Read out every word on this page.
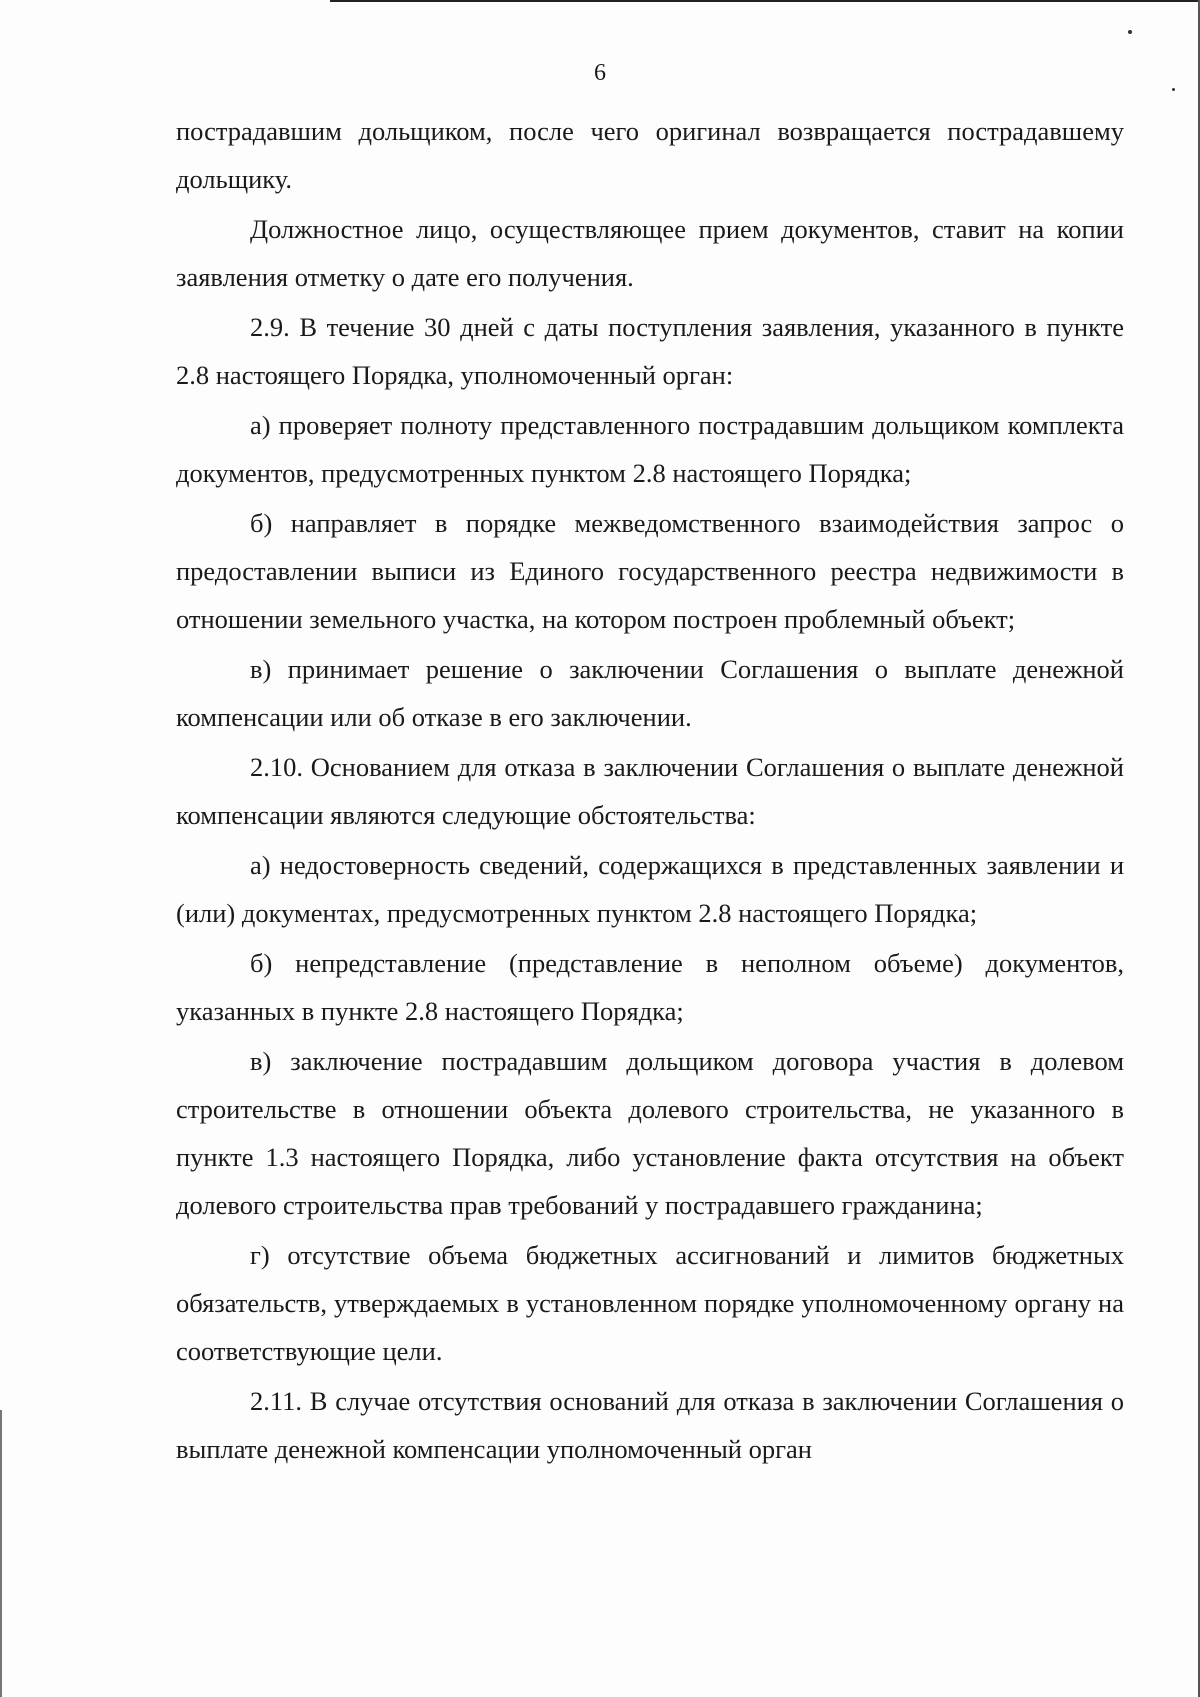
6

пострадавшим дольщиком, после чего оригинал возвращается пострадавшему дольщику.

Должностное лицо, осуществляющее прием документов, ставит на копии заявления отметку о дате его получения.

2.9. В течение 30 дней с даты поступления заявления, указанного в пункте 2.8 настоящего Порядка, уполномоченный орган:

а) проверяет полноту представленного пострадавшим дольщиком комплекта документов, предусмотренных пунктом 2.8 настоящего Порядка;

б) направляет в порядке межведомственного взаимодействия запрос о предоставлении выписи из Единого государственного реестра недвижимости в отношении земельного участка, на котором построен проблемный объект;

в) принимает решение о заключении Соглашения о выплате денежной компенсации или об отказе в его заключении.

2.10. Основанием для отказа в заключении Соглашения о выплате денежной компенсации являются следующие обстоятельства:

а) недостоверность сведений, содержащихся в представленных заявлении и (или) документах, предусмотренных пунктом 2.8 настоящего Порядка;

б) непредставление (представление в неполном объеме) документов, указанных в пункте 2.8 настоящего Порядка;

в) заключение пострадавшим дольщиком договора участия в долевом строительстве в отношении объекта долевого строительства, не указанного в пункте 1.3 настоящего Порядка, либо установление факта отсутствия на объект долевого строительства прав требований у пострадавшего гражданина;

г) отсутствие объема бюджетных ассигнований и лимитов бюджетных обязательств, утверждаемых в установленном порядке уполномоченному органу на соответствующие цели.

2.11. В случае отсутствия оснований для отказа в заключении Соглашения о выплате денежной компенсации уполномоченный орган
